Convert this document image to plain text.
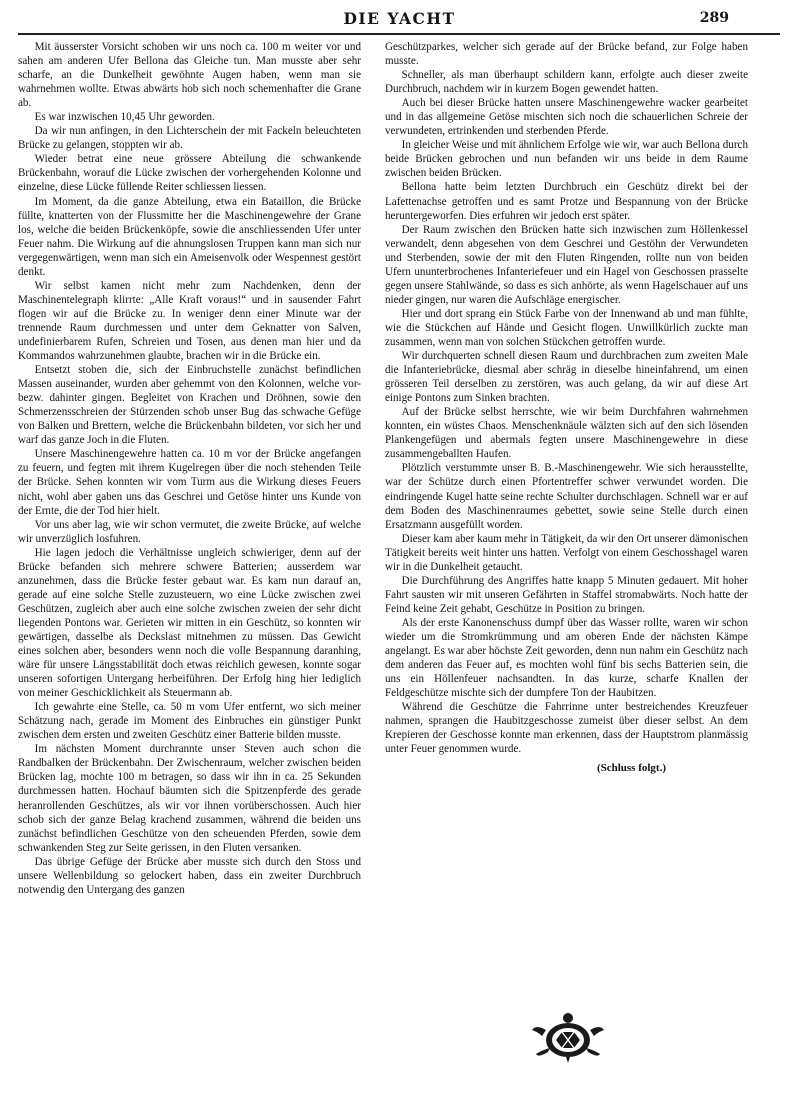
DIE YACHT	289

Mit äusserster Vorsicht schoben wir uns noch ca. 100 m weiter vor und sahen am anderen Ufer Bellona das Gleiche tun. Man musste aber sehr scharfe, an die Dunkelheit gewöhnte Augen haben, wenn man sie wahrnehmen wollte. Etwas abwärts hob sich noch schemenhafter die Grane ab.

Es war inzwischen 10,45 Uhr geworden.

Da wir nun anfingen, in den Lichterschein der mit Fackeln beleuchteten Brücke zu gelangen, stoppten wir ab.

Wieder betrat eine neue grössere Abteilung die schwankende Brückenbahn, worauf die Lücke zwischen der vorhergehenden Kolonne und einzelne, diese Lücke füllende Reiter schliessen liessen.

Im Moment, da die ganze Abteilung, etwa ein Bataillon, die Brücke füllte, knatterten von der Flussmitte her die Maschinengewehre der Grane los, welche die beiden Brückenköpfe, sowie die anschliessenden Ufer unter Feuer nahm. Die Wirkung auf die ahnungslosen Truppen kann man sich nur vergegenwärtigen, wenn man sich ein Ameisenvolk oder Wespennest gestört denkt.

Wir selbst kamen nicht mehr zum Nachdenken, denn der Maschinentelegraph klirrte: „Alle Kraft voraus!“ und in sausender Fahrt flogen wir auf die Brücke zu. In weniger denn einer Minute war der trennende Raum durchmessen und unter dem Geknatter von Salven, undefinierbarem Rufen, Schreien und Tosen, aus denen man hier und da Kommandos wahrzunehmen glaubte, brachen wir in die Brücke ein.

Entsetzt stoben die, sich der Einbruchstelle zunächst befindlichen Massen auseinander, wurden aber gehemmt von den Kolonnen, welche vor- bezw. dahinter gingen. Begleitet von Krachen und Dröhnen, sowie den Schmerzensschreien der Stürzenden schob unser Bug das schwache Gefüge von Balken und Brettern, welche die Brückenbahn bildeten, vor sich her und warf das ganze Joch in die Fluten.

Unsere Maschinengewehre hatten ca. 10 m vor der Brücke angefangen zu feuern, und fegten mit ihrem Kugelregen über die noch stehenden Teile der Brücke. Sehen konnten wir vom Turm aus die Wirkung dieses Feuers nicht, wohl aber gaben uns das Geschrei und Getöse hinter uns Kunde von der Ernte, die der Tod hier hielt.

Vor uns aber lag, wie wir schon vermutet, die zweite Brücke, auf welche wir unverzüglich losfuhren.

Hie lagen jedoch die Verhältnisse ungleich schwieriger, denn auf der Brücke befanden sich mehrere schwere Batterien; ausserdem war anzunehmen, dass die Brücke fester gebaut war. Es kam nun darauf an, gerade auf eine solche Stelle zuzusteuern, wo eine Lücke zwischen zwei Geschützen, zugleich aber auch eine solche zwischen zweien der sehr dicht liegenden Pontons war. Gerieten wir mitten in ein Geschütz, so konnten wir gewärtigen, dasselbe als Deckslast mitnehmen zu müssen. Das Gewicht eines solchen aber, besonders wenn noch die volle Bespannung daranhing, wäre für unsere Längsstabilität doch etwas reichlich gewesen, konnte sogar unseren sofortigen Untergang herbeiführen. Der Erfolg hing hier lediglich von meiner Geschicklichkeit als Steuermann ab.

Ich gewahrte eine Stelle, ca. 50 m vom Ufer entfernt, wo sich meiner Schätzung nach, gerade im Moment des Einbruches ein günstiger Punkt zwischen dem ersten und zweiten Geschütz einer Batterie bilden musste.

Im nächsten Moment durchrannte unser Steven auch schon die Randbalken der Brückenbahn. Der Zwischenraum, welcher zwischen beiden Brücken lag, mochte 100 m betragen, so dass wir ihn in ca. 25 Sekunden durchmessen hatten. Hochauf bäumten sich die Spitzenpferde des gerade heranrollenden Geschützes, als wir vor ihnen vorüberschossen. Auch hier schob sich der ganze Belag krachend zusammen, während die beiden uns zunächst befindlichen Geschütze von den scheuenden Pferden, sowie dem schwankenden Steg zur Seite gerissen, in den Fluten versanken.

Das übrige Gefüge der Brücke aber musste sich durch den Stoss und unsere Wellenbildung so gelockert haben, dass ein zweiter Durchbruch notwendig den Untergang des ganzen

Geschützparkes, welcher sich gerade auf der Brücke befand, zur Folge haben musste.

Schneller, als man überhaupt schildern kann, erfolgte auch dieser zweite Durchbruch, nachdem wir in kurzem Bogen gewendet hatten.

Auch bei dieser Brücke hatten unsere Maschinengewehre wacker gearbeitet und in das allgemeine Getöse mischten sich noch die schauerlichen Schreie der verwundeten, ertrinkenden und sterbenden Pferde.

In gleicher Weise und mit ähnlichem Erfolge wie wir, war auch Bellona durch beide Brücken gebrochen und nun befanden wir uns beide in dem Raume zwischen beiden Brücken.

Bellona hatte beim letzten Durchbruch ein Geschütz direkt bei der Lafettenachse getroffen und es samt Protze und Bespannung von der Brücke heruntergeworfen. Dies erfuhren wir jedoch erst später.

Der Raum zwischen den Brücken hatte sich inzwischen zum Höllenkessel verwandelt, denn abgesehen von dem Geschrei und Gestöhn der Verwundeten und Sterbenden, sowie der mit den Fluten Ringenden, rollte nun von beiden Ufern ununterbrochenes Infanteriefeuer und ein Hagel von Geschossen prasselte gegen unsere Stahlwände, so dass es sich anhörte, als wenn Hagelschauer auf uns nieder gingen, nur waren die Aufschläge energischer.

Hier und dort sprang ein Stück Farbe von der Innenwand ab und man fühlte, wie die Stückchen auf Hände und Gesicht flogen. Unwillkürlich zuckte man zusammen, wenn man von solchen Stückchen getroffen wurde.

Wir durchquerten schnell diesen Raum und durchbrachen zum zweiten Male die Infanteriebrücke, diesmal aber schräg in dieselbe hineinfahrend, um einen grösseren Teil derselben zu zerstören, was auch gelang, da wir auf diese Art einige Pontons zum Sinken brachten.

Auf der Brücke selbst herrschte, wie wir beim Durchfahren wahrnehmen konnten, ein wüstes Chaos. Menschenknäule wälzten sich auf den sich lösenden Plankengefügen und abermals fegten unsere Maschinengewehre in diese zusammengeballten Haufen.

Plötzlich verstummte unser B. B.-Maschinengewehr. Wie sich herausstellte, war der Schütze durch einen Pfortentreffer schwer verwundet worden. Die eindringende Kugel hatte seine rechte Schulter durchschlagen. Schnell war er auf dem Boden des Maschinenraumes gebettet, sowie seine Stelle durch einen Ersatzmann ausgefüllt worden.

Dieser kam aber kaum mehr in Tätigkeit, da wir den Ort unserer dämonischen Tätigkeit bereits weit hinter uns hatten. Verfolgt von einem Geschosshagel waren wir in die Dunkelheit getaucht.

Die Durchführung des Angriffes hatte knapp 5 Minuten gedauert. Mit hoher Fahrt sausten wir mit unseren Gefährten in Staffel stromabwärts. Noch hatte der Feind keine Zeit gehabt, Geschütze in Position zu bringen.

Als der erste Kanonenschuss dumpf über das Wasser rollte, waren wir schon wieder um die Stromkrümmung und am oberen Ende der nächsten Kämpe angelangt. Es war aber höchste Zeit geworden, denn nun nahm ein Geschütz nach dem anderen das Feuer auf, es mochten wohl fünf bis sechs Batterien sein, die uns ein Höllenfeuer nachsandten. In das kurze, scharfe Knallen der Feldgeschütze mischte sich der dumpfere Ton der Haubitzen.

Während die Geschütze die Fahrrinne unter bestreichendes Kreuzfeuer nahmen, sprangen die Haubitzgeschosse zumeist über dieser selbst. An dem Krepieren der Geschosse konnte man erkennen, dass der Hauptstrom planmässig unter Feuer genommen wurde.

(Schluss folgt.)
